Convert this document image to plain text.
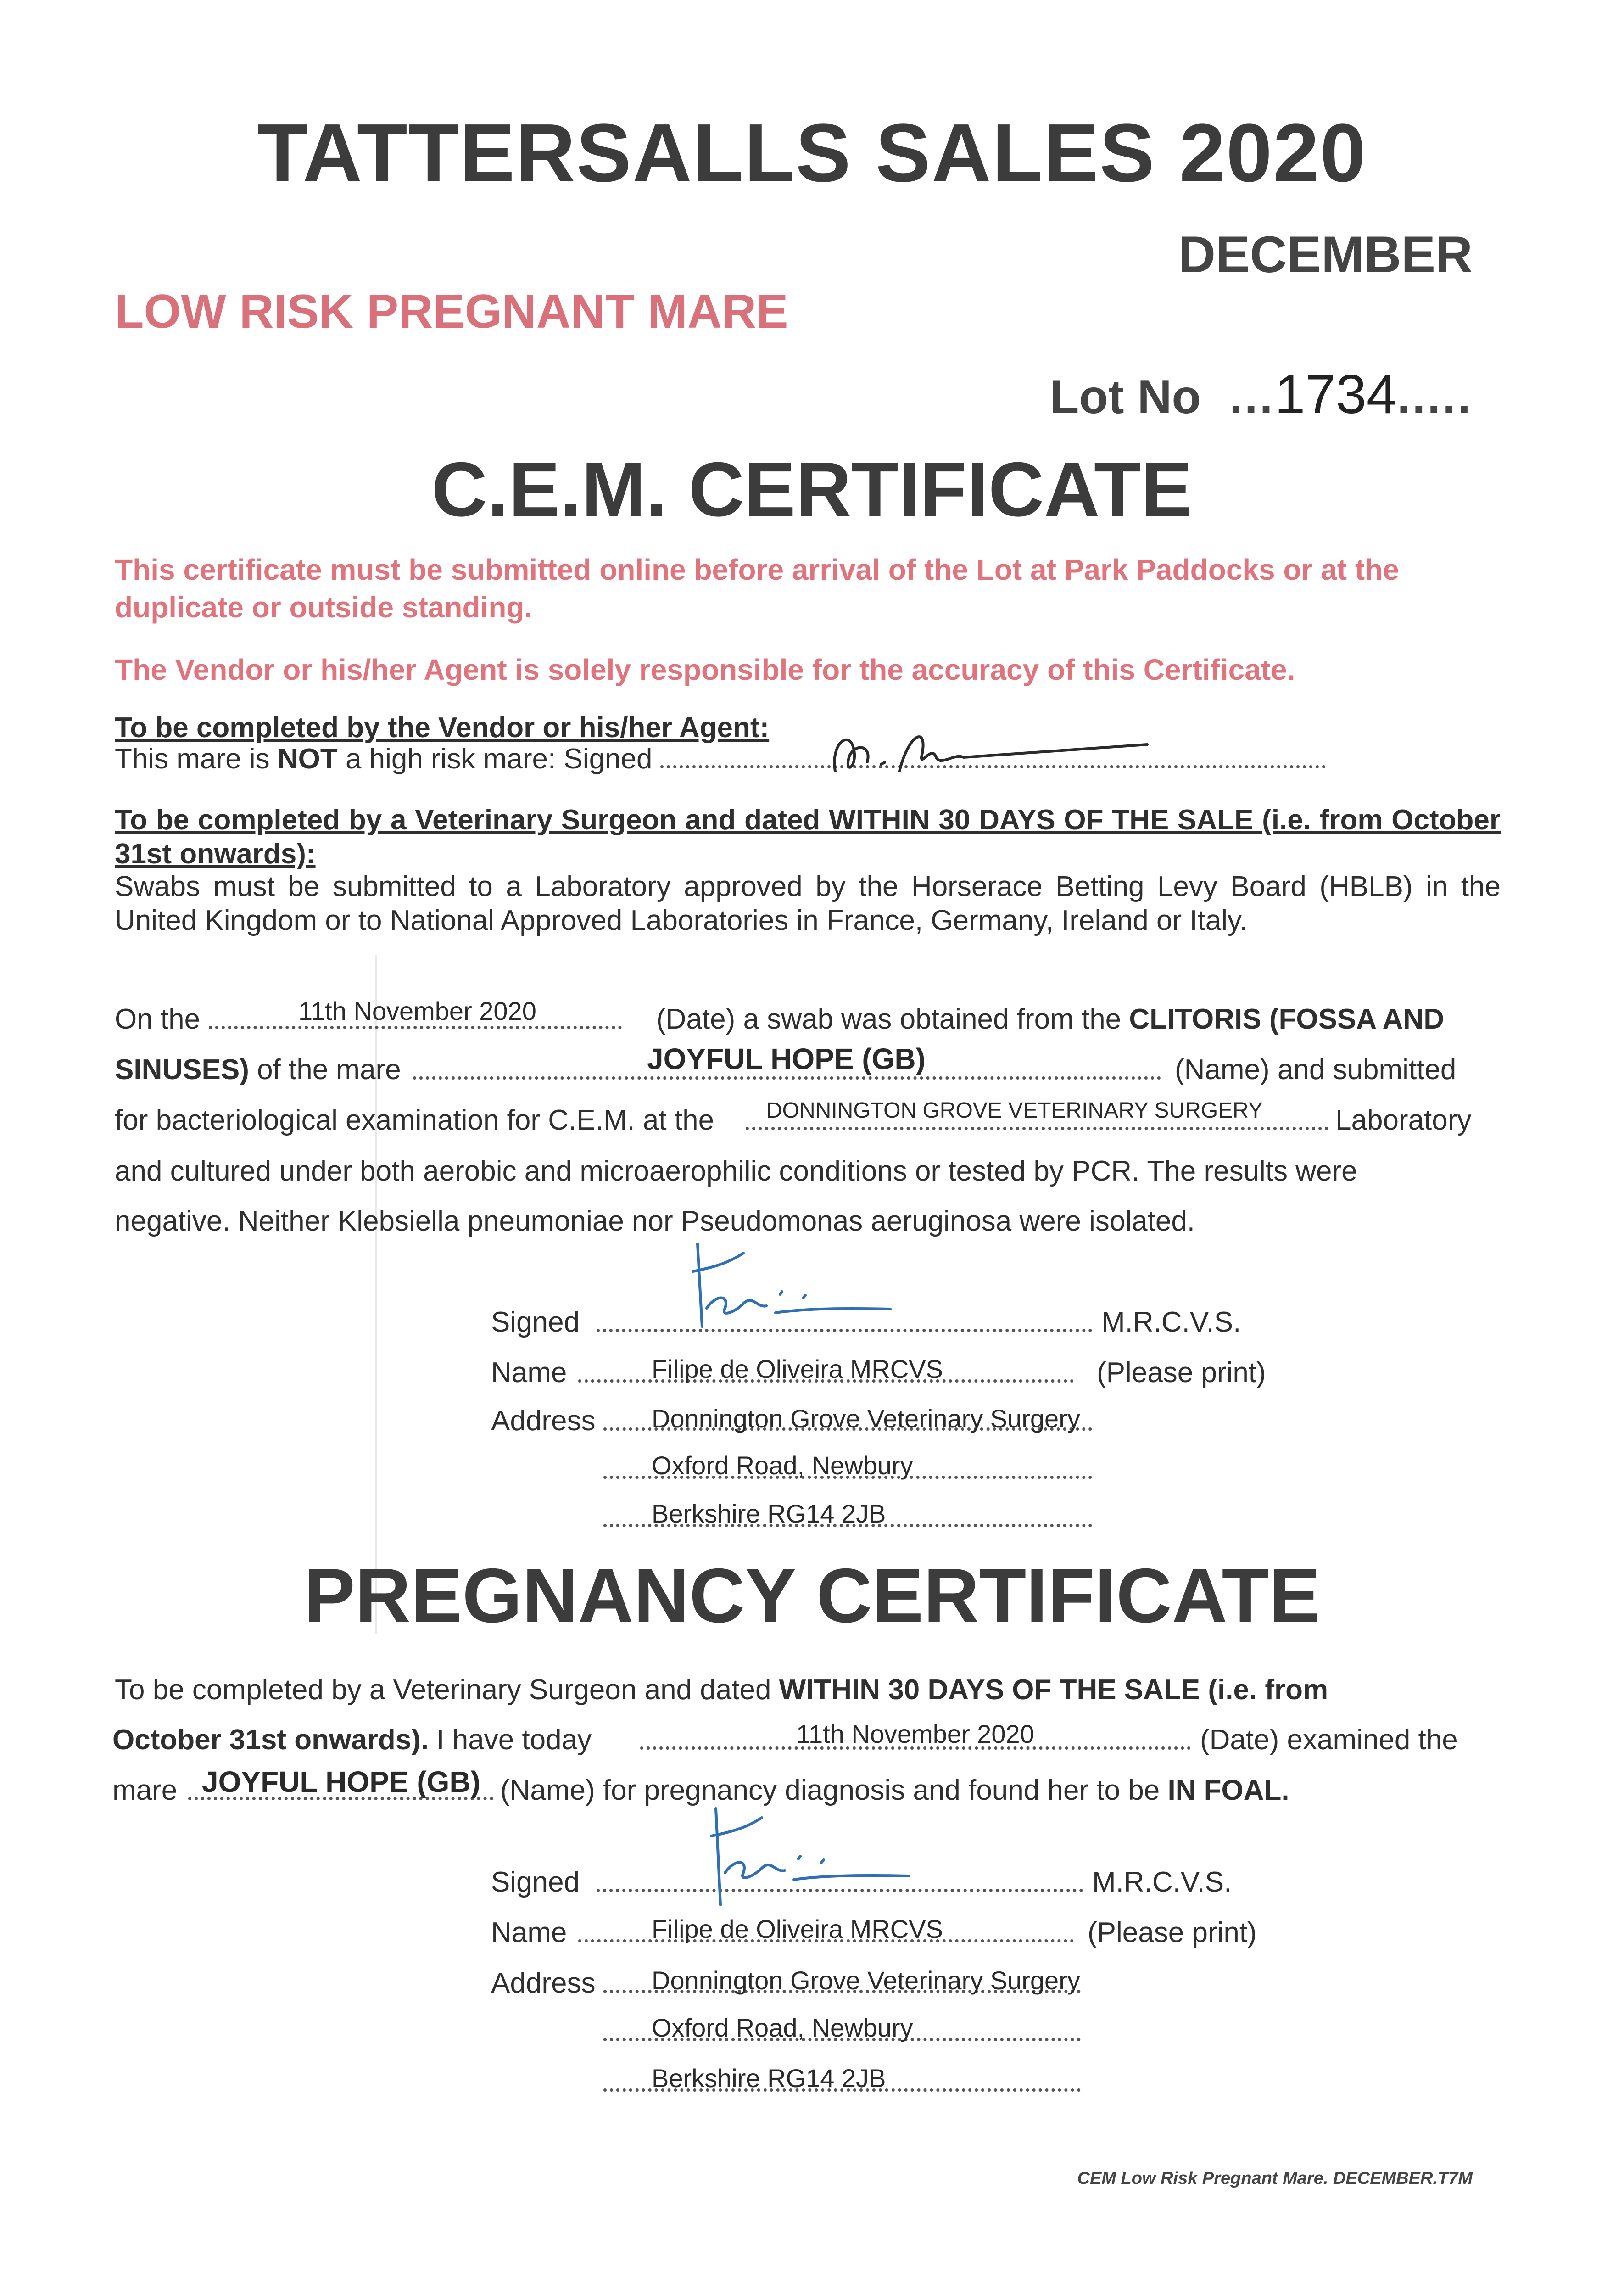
TATTERSALLS SALES 2020
DECEMBER
LOW RISK PREGNANT MARE
Lot No  ...1734.....
C.E.M. CERTIFICATE
This certificate must be submitted online before arrival of the Lot at Park Paddocks or at the duplicate or outside standing.
The Vendor or his/her Agent is solely responsible for the accuracy of this Certificate.
To be completed by the Vendor or his/her Agent:
This mare is NOT a high risk mare: Signed
To be completed by a Veterinary Surgeon and dated WITHIN 30 DAYS OF THE SALE (i.e. from October 31st onwards):
Swabs must be submitted to a Laboratory approved by the Horserace Betting Levy Board (HBLB) in the United Kingdom or to National Approved Laboratories in France, Germany, Ireland or Italy.
On the	11th November 2020	(Date) a swab was obtained from the CLITORIS (FOSSA AND
SINUSES) of the mare	JOYFUL HOPE (GB)	(Name) and submitted
for bacteriological examination for C.E.M. at the DONNINGTON GROVE VETERINARY SURGERY	Laboratory
and cultured under both aerobic and microaerophilic conditions or tested by PCR. The results were
negative. Neither Klebsiella pneumoniae nor Pseudomonas aeruginosa were isolated.
Signed	M.R.C.V.S.
Name	Filipe de Oliveira MRCVS	(Please print)
Address Donnington Grove Veterinary Surgery
Oxford Road, Newbury
Berkshire RG14 2JB
PREGNANCY CERTIFICATE
To be completed by a Veterinary Surgeon and dated WITHIN 30 DAYS OF THE SALE (i.e. from
October 31st onwards). I have today	11th November 2020	(Date) examined the
mare JOYFUL HOPE (GB) (Name) for pregnancy diagnosis and found her to be IN FOAL.
Signed	M.R.C.V.S.
Name	Filipe de Oliveira MRCVS	(Please print)
Address Donnington Grove Veterinary Surgery
Oxford Road, Newbury
Berkshire RG14 2JB
CEM Low Risk Pregnant Mare. DECEMBER.T7M
